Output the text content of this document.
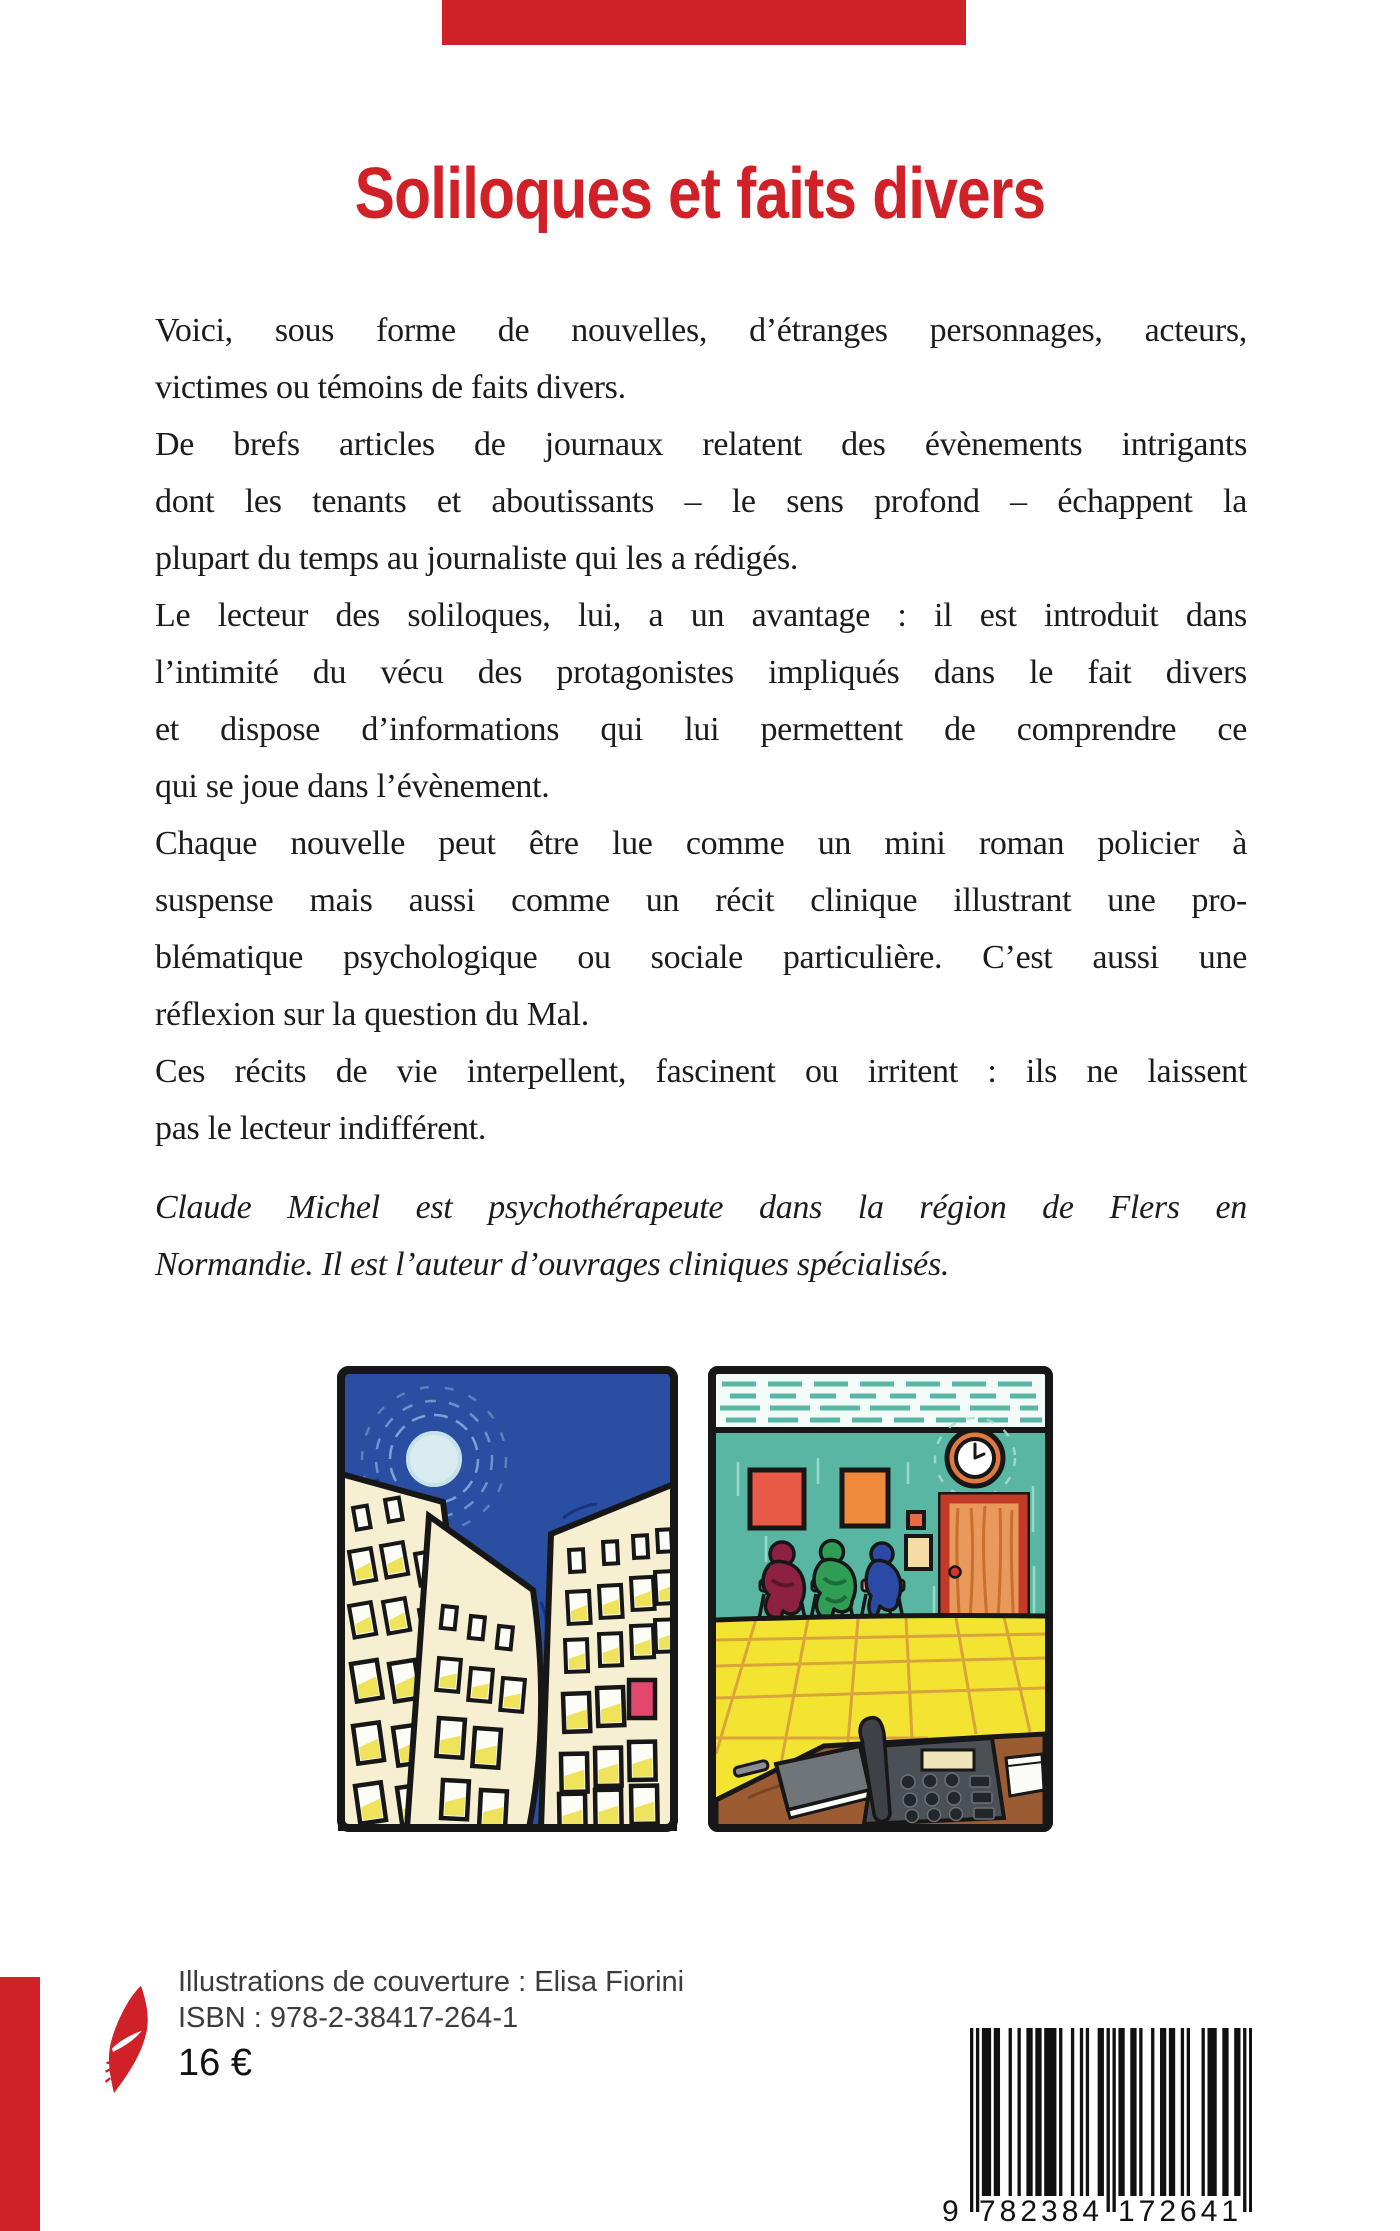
Soliloques et faits divers
Voici, sous forme de nouvelles, d’étranges personnages, acteurs,
victimes ou témoins de faits divers.
De brefs articles de journaux relatent des évènements intrigants
dont les tenants et aboutissants – le sens profond – échappent la
plupart du temps au journaliste qui les a rédigés.
Le lecteur des soliloques, lui, a un avantage : il est introduit dans
l’intimité du vécu des protagonistes impliqués dans le fait divers
et dispose d’informations qui lui permettent de comprendre ce
qui se joue dans l’évènement.
Chaque nouvelle peut être lue comme un mini roman policier à
suspense mais aussi comme un récit clinique illustrant une pro-
blématique psychologique ou sociale particulière. C’est aussi une
réflexion sur la question du Mal.
Ces récits de vie interpellent, fascinent ou irritent : ils ne laissent
pas le lecteur indifférent.
Claude Michel est psychothérapeute dans la région de Flers en
Normandie. Il est l’auteur d’ouvrages cliniques spécialisés.
Illustrations de couverture : Elisa Fiorini
ISBN : 978-2-38417-264-1
16 €
9 782384 172641
